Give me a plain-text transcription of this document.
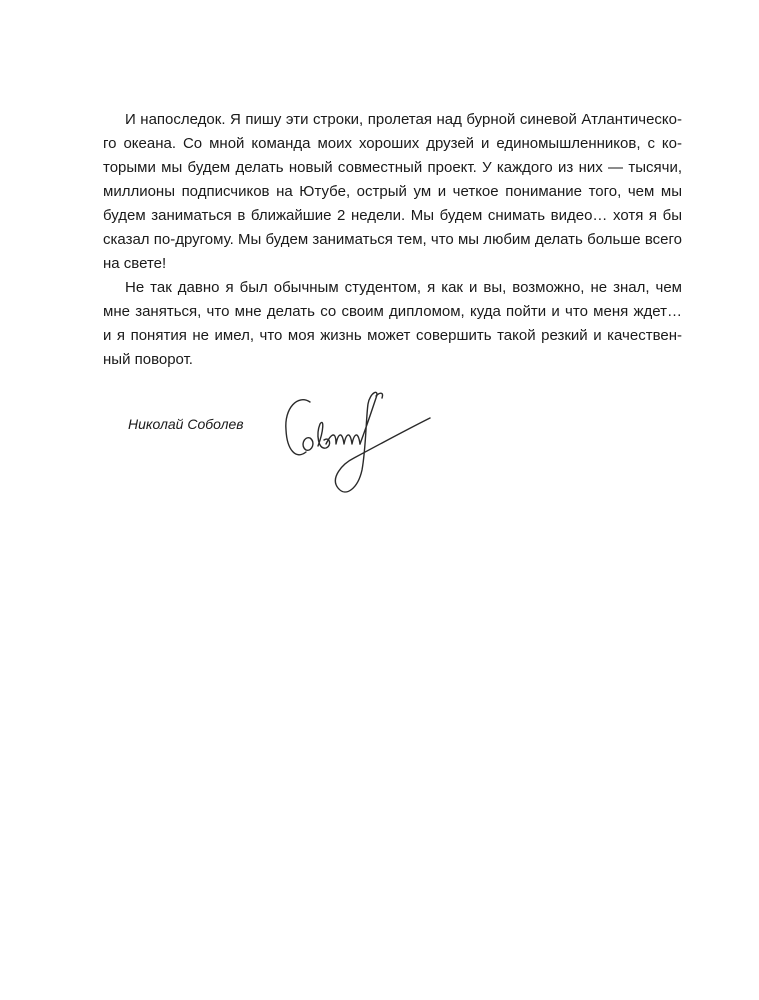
И напоследок. Я пишу эти строки, пролетая над бурной синевой Атлантическо-
го океана. Со мной команда моих хороших друзей и единомышленников, с ко-
торыми мы будем делать новый совместный проект. У каждого из них — тысячи,
миллионы подписчиков на Ютубе, острый ум и четкое понимание того, чем мы
будем заниматься в ближайшие 2 недели. Мы будем снимать видео… хотя я бы
сказал по-другому. Мы будем заниматься тем, что мы любим делать больше всего
на свете!
Не так давно я был обычным студентом, я как и вы, возможно, не знал, чем
мне заняться, что мне делать со своим дипломом, куда пойти и что меня ждет…
и я понятия не имел, что моя жизнь может совершить такой резкий и качествен-
ный поворот.
Николай Соболев
